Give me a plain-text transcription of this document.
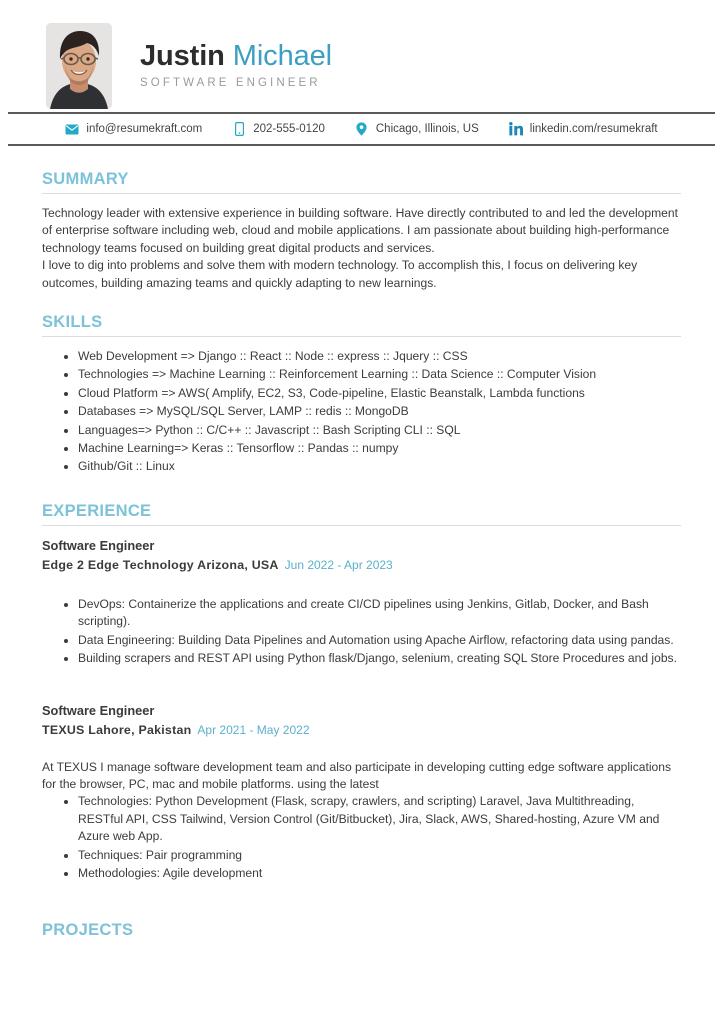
Justin Michael
SOFTWARE ENGINEER
info@resumekraft.com	202-555-0120	Chicago, Illinois, US	linkedin.com/resumekraft
SUMMARY

Technology leader with extensive experience in building software. Have directly contributed to and led the development of enterprise software including web, cloud and mobile applications. I am passionate about building high-performance technology teams focused on building great digital products and services.

I love to dig into problems and solve them with modern technology. To accomplish this, I focus on delivering key outcomes, building amazing teams and quickly adapting to new learnings.

SKILLS
Web Development => Django :: React :: Node :: express :: Jquery :: CSS
Technologies => Machine Learning :: Reinforcement Learning :: Data Science :: Computer Vision
Cloud Platform => AWS( Amplify, EC2, S3, Code-pipeline, Elastic Beanstalk, Lambda functions
Databases => MySQL/SQL Server, LAMP :: redis :: MongoDB
Languages=> Python :: C/C++ :: Javascript :: Bash Scripting CLI :: SQL
Machine Learning=> Keras :: Tensorflow :: Pandas :: numpy
Github/Git :: Linux
EXPERIENCE
Software Engineer
Edge 2 Edge Technology Arizona, USA Jun 2022 - Apr 2023
DevOps: Containerize the applications and create CI/CD pipelines using Jenkins, Gitlab, Docker, and Bash scripting).
Data Engineering: Building Data Pipelines and Automation using Apache Airflow, refactoring data using pandas.
Building scrapers and REST API using Python flask/Django, selenium, creating SQL Store Procedures and jobs.
Software Engineer
TEXUS Lahore, Pakistan Apr 2021 - May 2022

At TEXUS I manage software development team and also participate in developing cutting edge software applications for the browser, PC, mac and mobile platforms. using the latest

Technologies: Python Development (Flask, scrapy, crawlers, and scripting) Laravel, Java Multithreading, RESTful API, CSS Tailwind, Version Control (Git/Bitbucket), Jira, Slack, AWS, Shared-hosting, Azure VM and Azure web App.
Techniques: Pair programming
Methodologies: Agile development
PROJECTS
